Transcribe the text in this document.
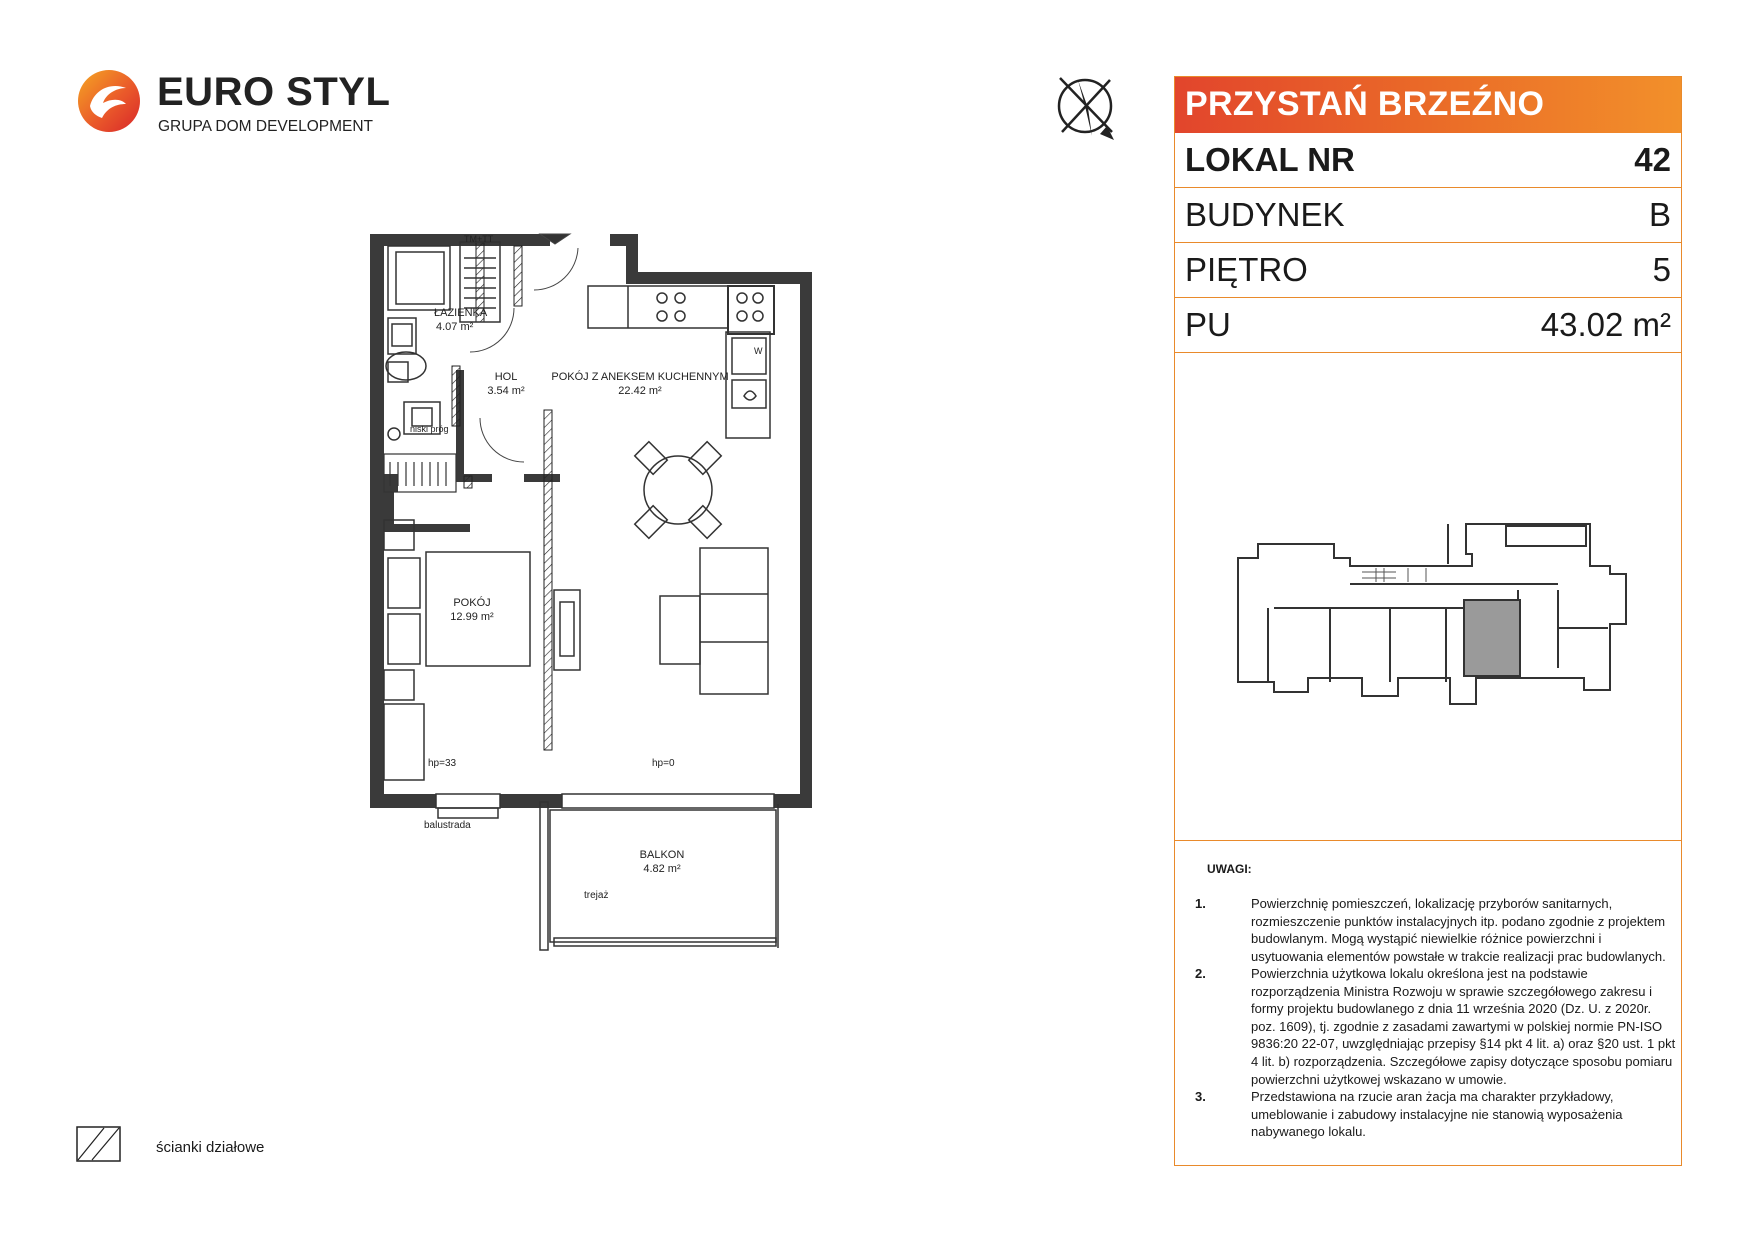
EURO STYL
GRUPA DOM DEVELOPMENT
PRZYSTAŃ BRZEŹNO
LOKAL NR	42
BUDYNEK	B
PIĘTRO	5
PU	43.02 m²
UWAGI:
1.	Powierzchnię pomieszczeń, lokalizację przyborów sanitarnych, rozmieszczenie punktów instalacyjnych itp. podano zgodnie z projektem budowlanym. Mogą wystąpić niewielkie różnice powierzchni i usytuowania elementów powstałe w trakcie realizacji prac budowlanych.
2.	Powierzchnia użytkowa lokalu określona jest na podstawie rozporządzenia Ministra Rozwoju w sprawie szczegółowego zakresu i formy projektu budowlanego z dnia 11 września 2020 (Dz. U. z 2020r. poz. 1609), tj. zgodnie z zasadami zawartymi w polskiej normie PN-ISO 9836:20 22-07, uwzględniając przepisy §14 pkt 4 lit. a) oraz §20 ust. 1 pkt 4 lit. b) rozporządzenia. Szczegółowe zapisy dotyczące sposobu pomiaru powierzchni użytkowej wskazano w umowie.
3.	Przedstawiona na rzucie aran żacja ma charakter przykładowy, umeblowanie i zabudowy instalacyjne nie stanowią wyposażenia nabywanego lokalu.
ŁAZIENKA
4.07 m²
HOL
3.54 m²
POKÓJ Z ANEKSEM KUCHENNYM
22.42 m²
POKÓJ
12.99 m²
BALKON
4.82 m²
niski próg
TM+TT
W
hp=33	hp=0
balustrada
trejaż
ścianki działowe
